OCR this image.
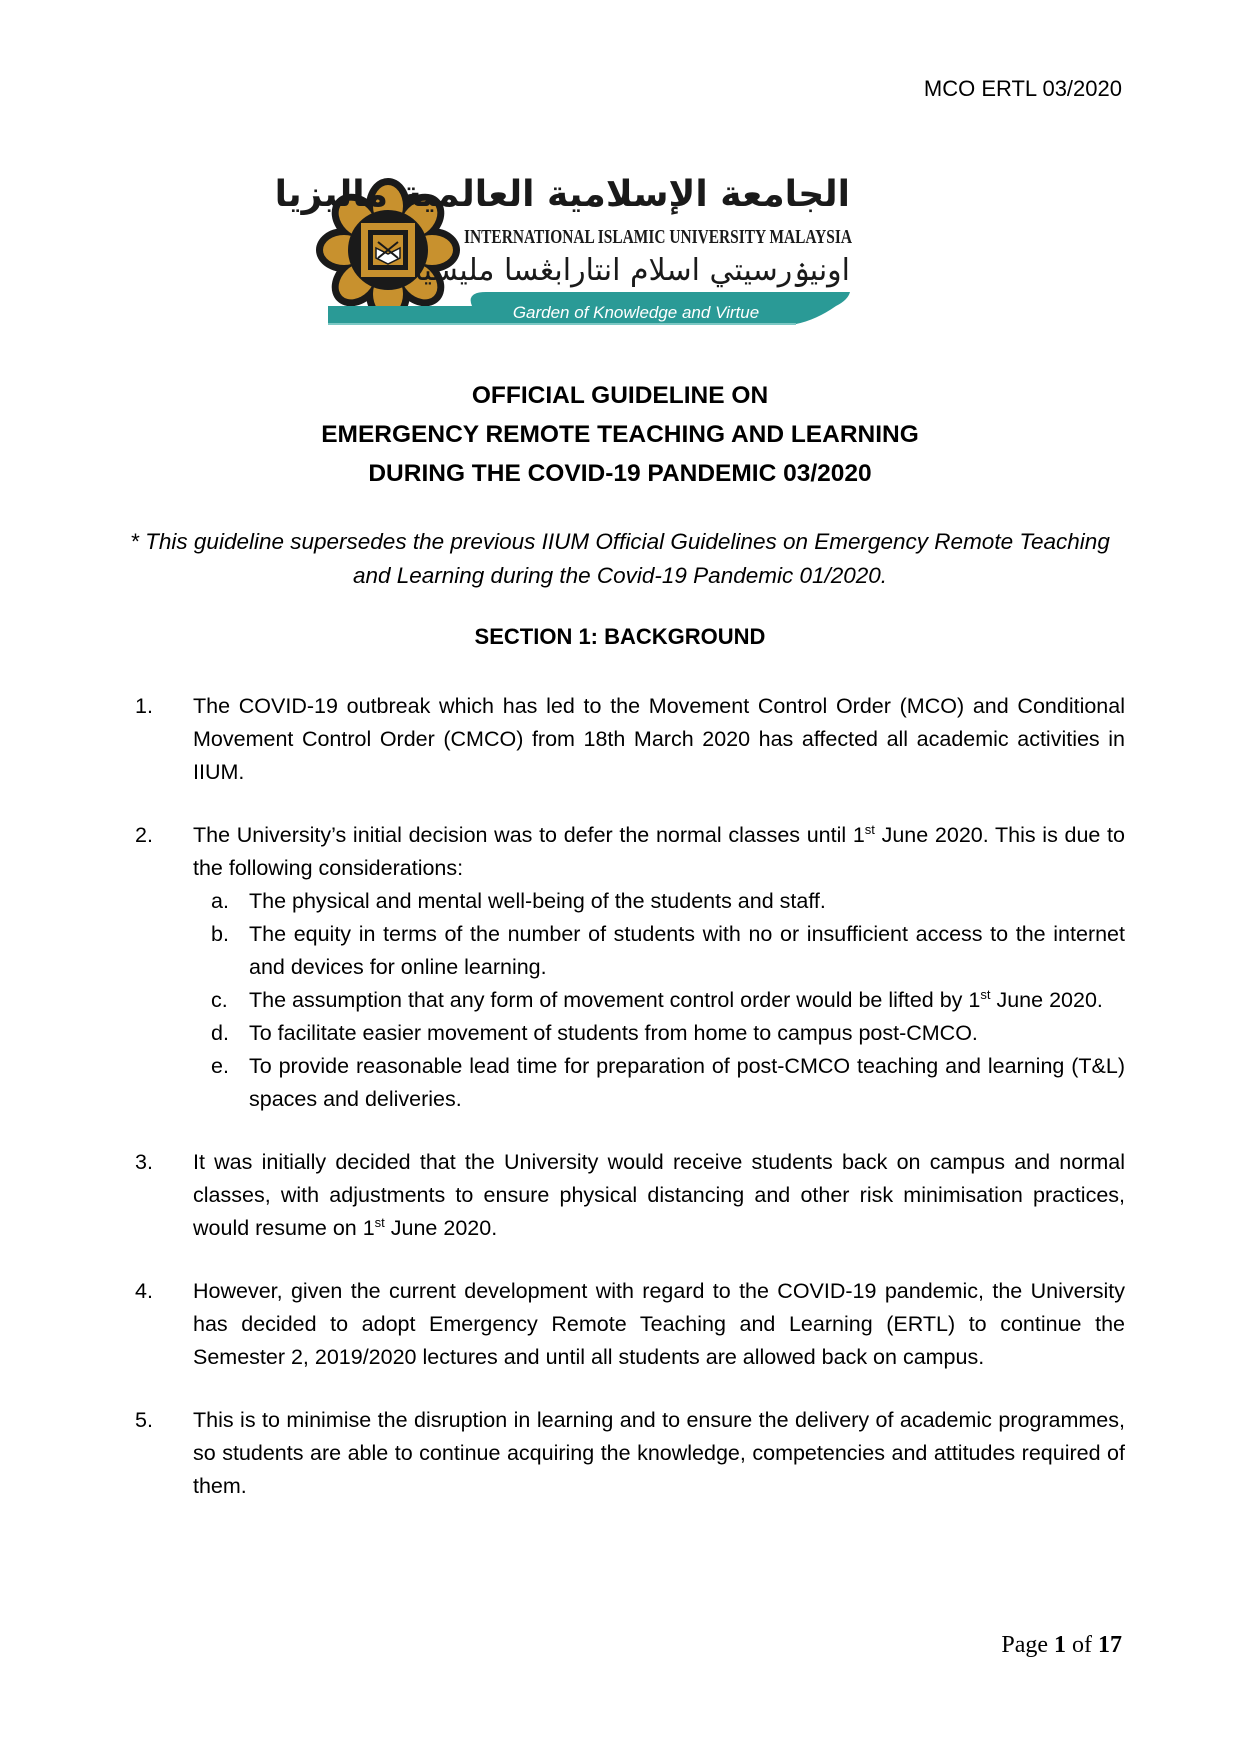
MCO ERTL 03/2020
الجامعة الإسلامية العالمية ماليزيا
INTERNATIONAL ISLAMIC UNIVERSITY MALAYSIA
اونيۏرسيتي اسلام انتارابڠسا مليسيا
Garden of Knowledge and Virtue
OFFICIAL GUIDELINE ON
EMERGENCY REMOTE TEACHING AND LEARNING
DURING THE COVID-19 PANDEMIC 03/2020
* This guideline supersedes the previous IIUM Official Guidelines on Emergency Remote Teaching and Learning during the Covid-19 Pandemic 01/2020.
SECTION 1: BACKGROUND
1. The COVID-19 outbreak which has led to the Movement Control Order (MCO) and Conditional Movement Control Order (CMCO) from 18th March 2020 has affected all academic activities in IIUM.
2. The University’s initial decision was to defer the normal classes until 1st June 2020. This is due to the following considerations:
a. The physical and mental well-being of the students and staff.
b. The equity in terms of the number of students with no or insufficient access to the internet and devices for online learning.
c. The assumption that any form of movement control order would be lifted by 1st June 2020.
d. To facilitate easier movement of students from home to campus post-CMCO.
e. To provide reasonable lead time for preparation of post-CMCO teaching and learning (T&L) spaces and deliveries.
3. It was initially decided that the University would receive students back on campus and normal classes, with adjustments to ensure physical distancing and other risk minimisation practices, would resume on 1st June 2020.
4. However, given the current development with regard to the COVID-19 pandemic, the University has decided to adopt Emergency Remote Teaching and Learning (ERTL) to continue the Semester 2, 2019/2020 lectures and until all students are allowed back on campus.
5. This is to minimise the disruption in learning and to ensure the delivery of academic programmes, so students are able to continue acquiring the knowledge, competencies and attitudes required of them.
Page 1 of 17
